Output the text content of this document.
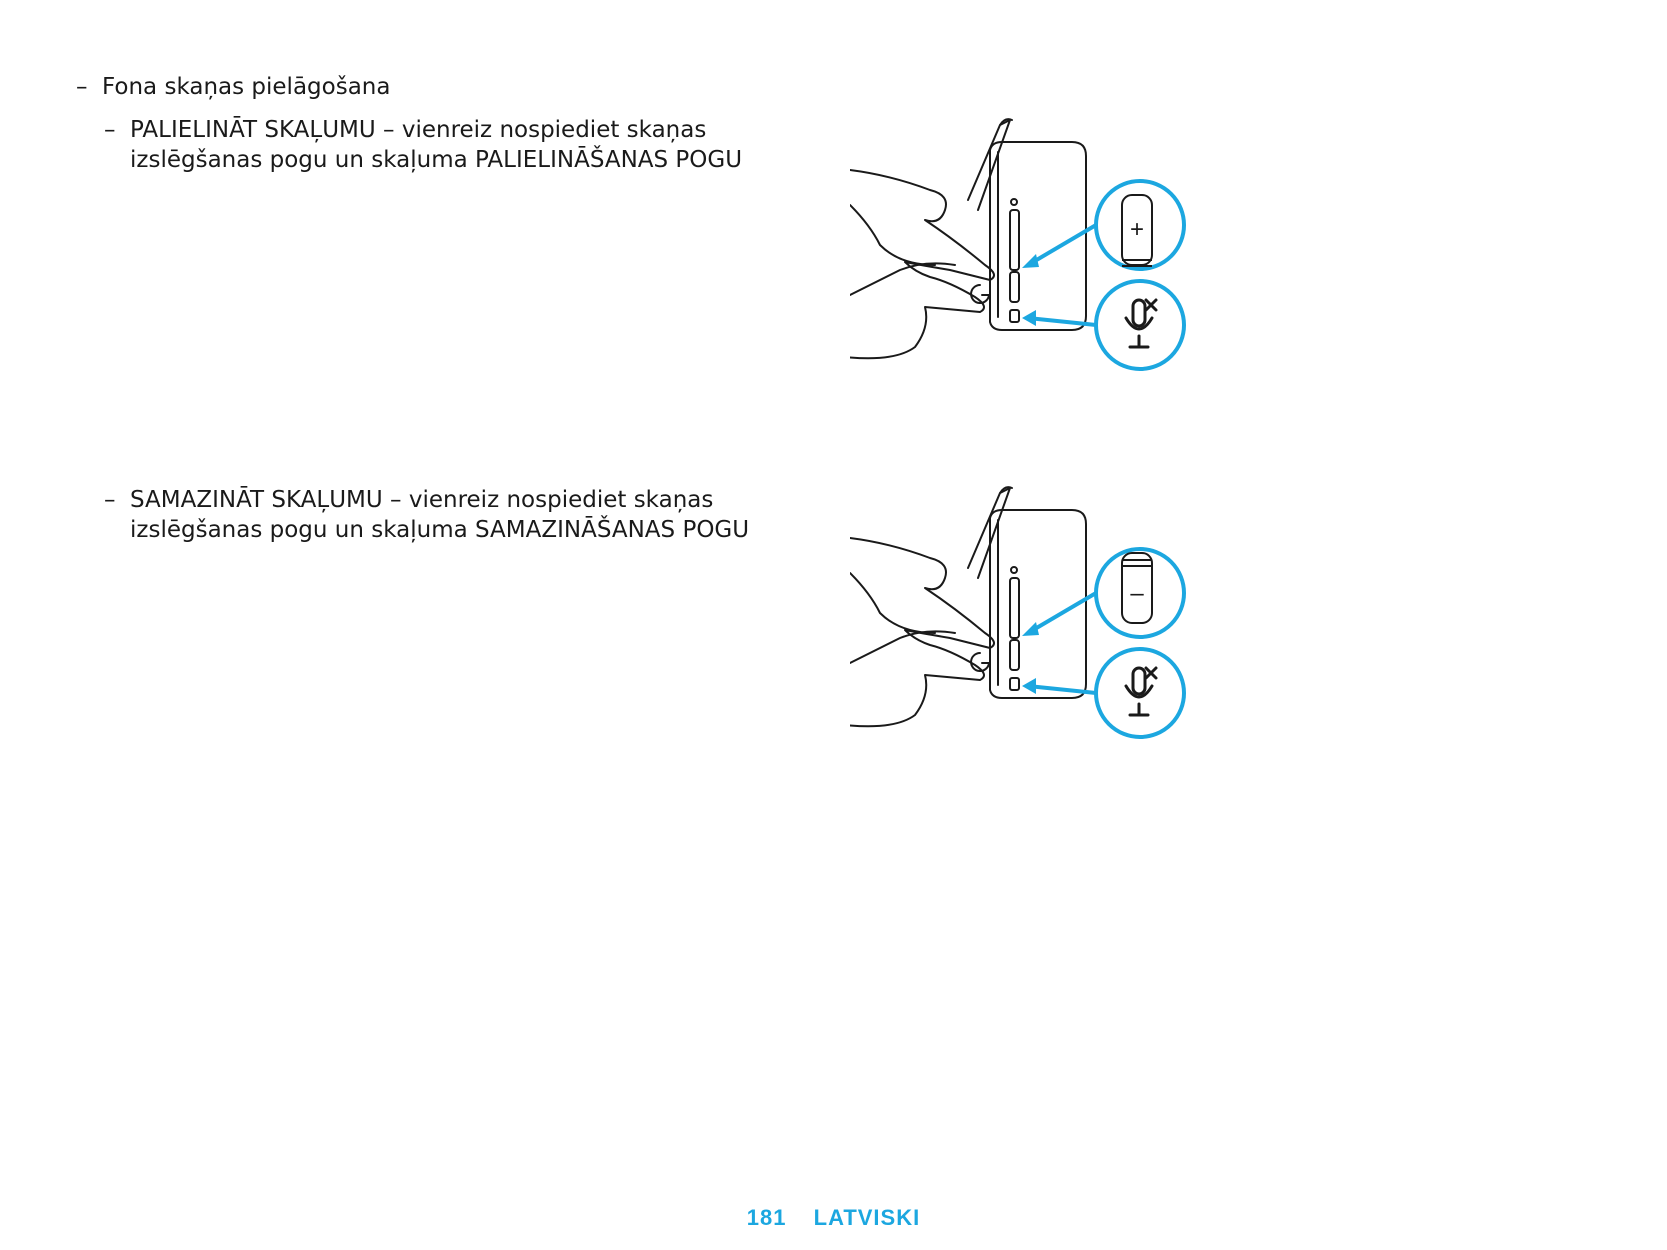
– Fona skaņas pielāgošana
– PALIELINĀT SKAĻUMU – vienreiz nospiediet skaņas
izslēgšanas pogu un skaļuma PALIELINĀŠANAS POGU
– SAMAZINĀT SKAĻUMU – vienreiz nospiediet skaņas
izslēgšanas pogu un skaļuma SAMAZINĀŠANAS POGU
+
–
181 LATVISKI
